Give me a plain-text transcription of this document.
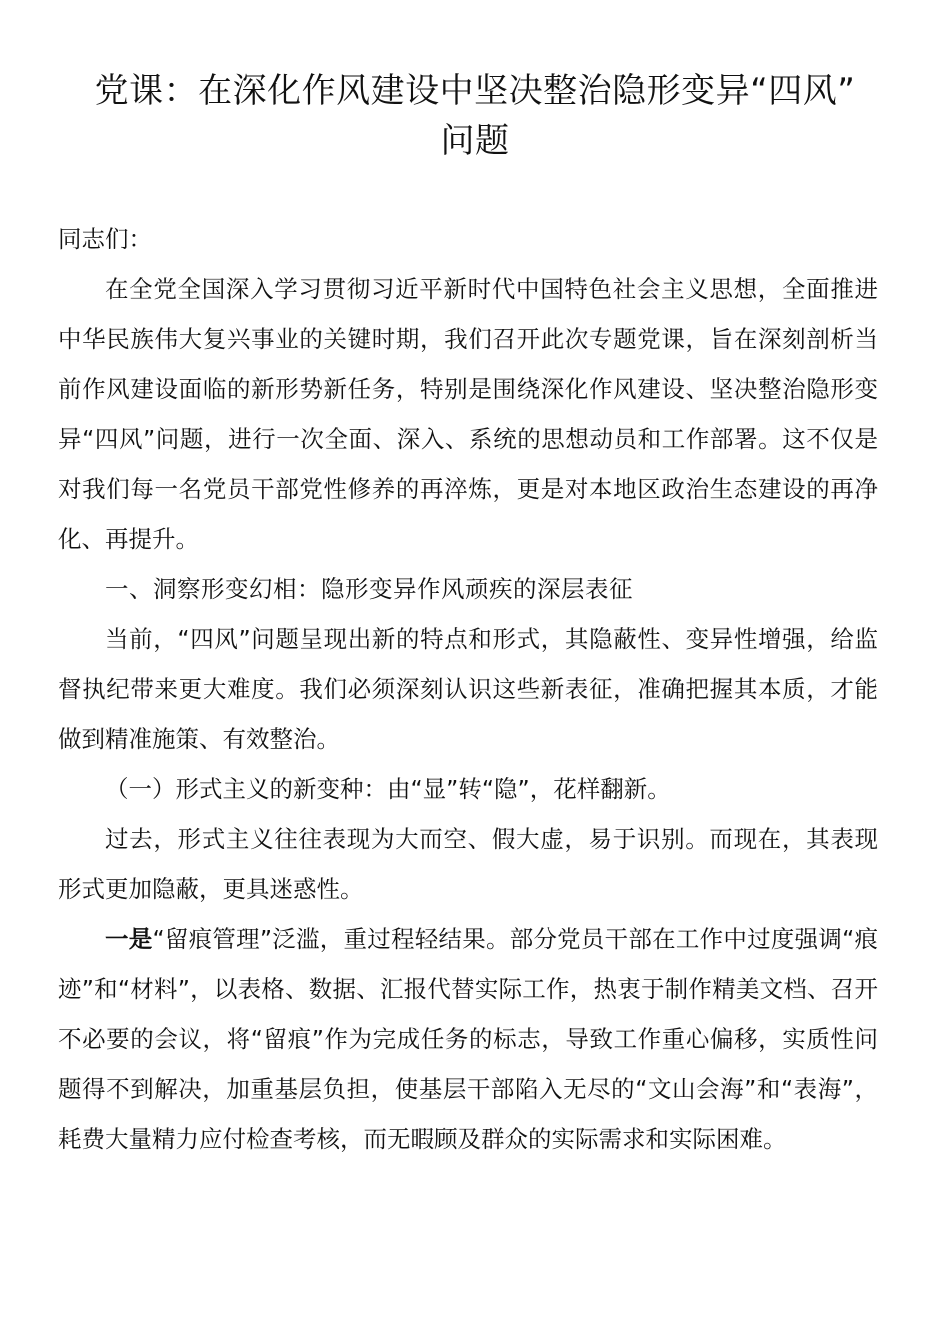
党课：在深化作风建设中坚决整治隐形变异“四风”
问题

同志们：

在全党全国深入学习贯彻习近平新时代中国特色社会主义思想，全面推进中华民族伟大复兴事业的关键时期，我们召开此次专题党课，旨在深刻剖析当前作风建设面临的新形势新任务，特别是围绕深化作风建设、坚决整治隐形变异“四风”问题，进行一次全面、深入、系统的思想动员和工作部署。这不仅是对我们每一名党员干部党性修养的再淬炼，更是对本地区政治生态建设的再净化、再提升。

一、洞察形变幻相：隐形变异作风顽疾的深层表征

当前，“四风”问题呈现出新的特点和形式，其隐蔽性、变异性增强，给监督执纪带来更大难度。我们必须深刻认识这些新表征，准确把握其本质，才能做到精准施策、有效整治。

（一）形式主义的新变种：由“显”转“隐”，花样翻新。

过去，形式主义往往表现为大而空、假大虚，易于识别。而现在，其表现形式更加隐蔽，更具迷惑性。

一是“留痕管理”泛滥，重过程轻结果。部分党员干部在工作中过度强调“痕迹”和“材料”，以表格、数据、汇报代替实际工作，热衷于制作精美文档、召开不必要的会议，将“留痕”作为完成任务的标志，导致工作重心偏移，实质性问题得不到解决，加重基层负担，使基层干部陷入无尽的“文山会海”和“表海”，耗费大量精力应付检查考核，而无暇顾及群众的实际需求和实际困难。
